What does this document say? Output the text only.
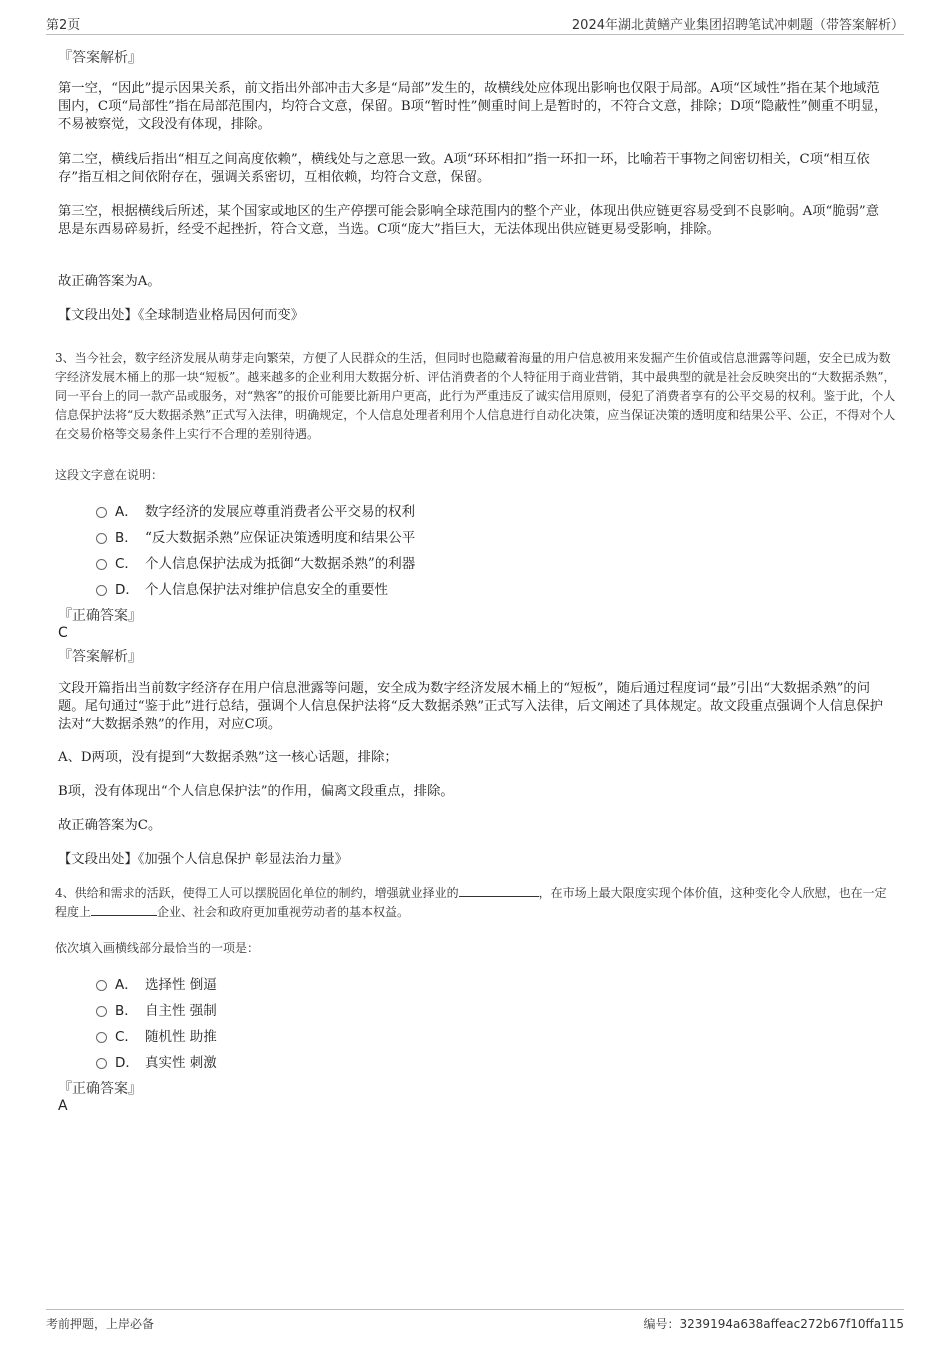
第2页	2024年湖北黄鳝产业集团招聘笔试冲刺题（带答案解析）
『答案解析』
第一空，“因此”提示因果关系，前文指出外部冲击大多是“局部”发生的，故横线处应体现出影响也仅限于局部。A项“区域性”指在某个地域范围内，C项“局部性”指在局部范围内，均符合文意，保留。B项“暂时性”侧重时间上是暂时的，不符合文意，排除；D项“隐蔽性”侧重不明显，不易被察觉，文段没有体现，排除。
第二空，横线后指出“相互之间高度依赖”，横线处与之意思一致。A项“环环相扣”指一环扣一环，比喻若干事物之间密切相关，C项“相互依存”指互相之间依附存在，强调关系密切，互相依赖，均符合文意，保留。
第三空，根据横线后所述，某个国家或地区的生产停摆可能会影响全球范围内的整个产业，体现出供应链更容易受到不良影响。A项“脆弱”意思是东西易碎易折，经受不起挫折，符合文意，当选。C项“庞大”指巨大，无法体现出供应链更易受影响，排除。
故正确答案为A。
【文段出处】《全球制造业格局因何而变》
3、当今社会，数字经济发展从萌芽走向繁荣，方便了人民群众的生活，但同时也隐藏着海量的用户信息被用来发掘产生价值或信息泄露等问题，安全已成为数字经济发展木桶上的那一块“短板”。越来越多的企业利用大数据分析、评估消费者的个人特征用于商业营销，其中最典型的就是社会反映突出的“大数据杀熟”，同一平台上的同一款产品或服务，对“熟客”的报价可能要比新用户更高，此行为严重违反了诚实信用原则，侵犯了消费者享有的公平交易的权利。鉴于此，个人信息保护法将“反大数据杀熟”正式写入法律，明确规定，个人信息处理者利用个人信息进行自动化决策，应当保证决策的透明度和结果公平、公正，不得对个人在交易价格等交易条件上实行不合理的差别待遇。
这段文字意在说明：
A． 数字经济的发展应尊重消费者公平交易的权利
B． “反大数据杀熟”应保证决策透明度和结果公平
C． 个人信息保护法成为抵御“大数据杀熟”的利器
D． 个人信息保护法对维护信息安全的重要性
『正确答案』
C
『答案解析』
文段开篇指出当前数字经济存在用户信息泄露等问题，安全成为数字经济发展木桶上的“短板”，随后通过程度词“最”引出“大数据杀熟”的问题。尾句通过“鉴于此”进行总结，强调个人信息保护法将“反大数据杀熟”正式写入法律，后文阐述了具体规定。故文段重点强调个人信息保护法对“大数据杀熟”的作用，对应C项。
A、D两项，没有提到“大数据杀熟”这一核心话题，排除；
B项，没有体现出“个人信息保护法”的作用，偏离文段重点，排除。
故正确答案为C。
【文段出处】《加强个人信息保护 彰显法治力量》
4、供给和需求的活跃，使得工人可以摆脱固化单位的制约，增强就业择业的	，在市场上最大限度实现个体价值，这种变化令人欣慰，也在一定程度上	企业、社会和政府更加重视劳动者的基本权益。
依次填入画横线部分最恰当的一项是：
A． 选择性 倒逼
B． 自主性 强制
C． 随机性 助推
D． 真实性 刺激
『正确答案』
A
考前押题，上岸必备	编号：3239194a638affeac272b67f10ffa115
